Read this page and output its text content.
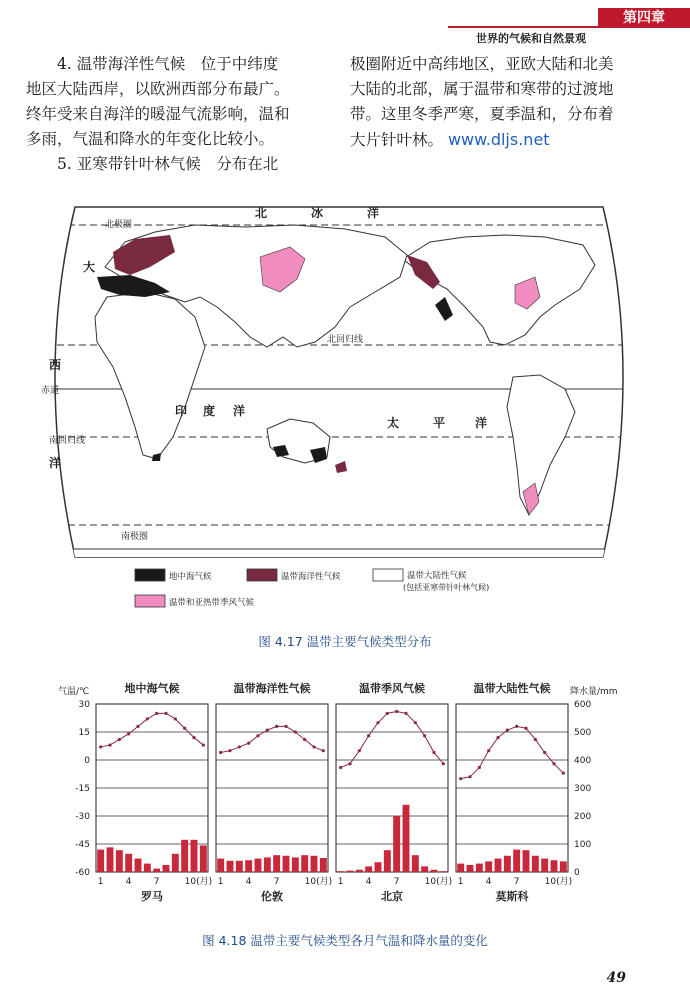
第四章
世界的气候和自然景观

4. 温带海洋性气候　位于中纬度

地区大陆西岸，以欧洲西部分布最广。

终年受来自海洋的暖湿气流影响，温和

多雨，气温和降水的年变化比较小。

5. 亚寒带针叶林气候　分布在北

极圈附近中高纬地区，亚欧大陆和北美

大陆的北部，属于温带和寒带的过渡地

带。这里冬季严寒，夏季温和，分布着

大片针叶林。 www.dljs.net

北极圈
北	冰	洋
大
西
洋
赤道
北回归线
南回归线
印 度 洋
太	平 洋
南极圈
地中海气候	温带海洋性气候	温带大陆性气候
(包括亚寒带针叶林气候)
温带和亚热带季风气候
图 4.17 温带主要气候类型分布
气温/℃
30
15
0
-15
-30
-45
-60
降水量/mm
600
500
400
300
200
100
0
地中海气候
1 4 7	10(月)
罗马
温带海洋性气候
1 4 7	10(月)
伦敦
温带季风气候
1 4 7	10(月)
北京
温带大陆性气候
1 4 7	10(月)
莫斯科
图 4.18 温带主要气候类型各月气温和降水量的变化
49
